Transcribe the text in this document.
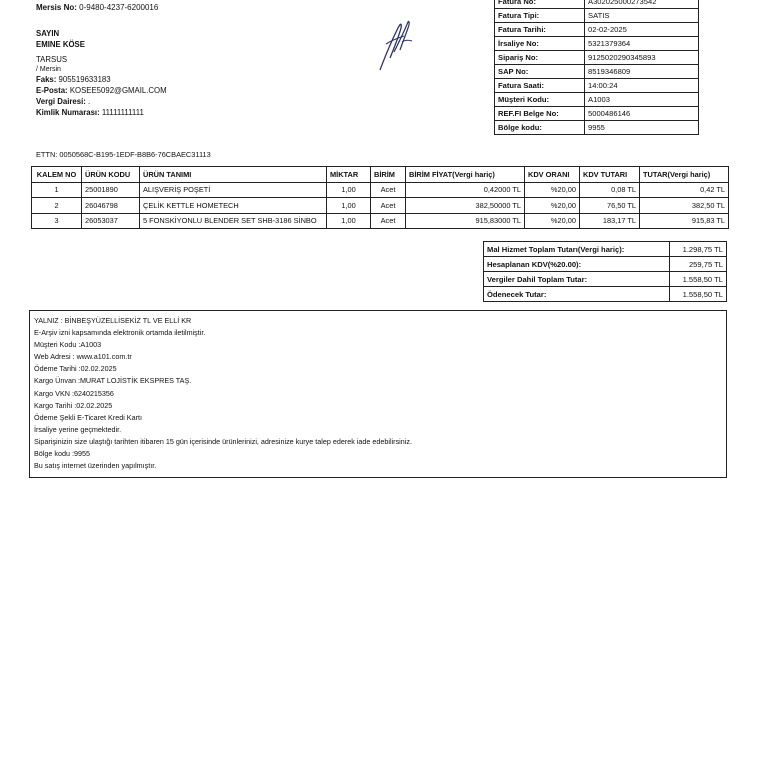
Mersis No: 0-9480-4237-6200016
SAYIN
EMINE KÖSE
TARSUS
/ Mersin
Faks: 905519633183
E-Posta: KOSEE5092@GMAIL.COM
Vergi Dairesi: .
Kimlik Numarası: 11111111111
Fatura No:	A302025000273542
Fatura Tipi:	SATIS
Fatura Tarihi:	02-02-2025
İrsaliye No:	5321379364
Sipariş No:	9125020290345893
SAP No:	8519346809
Fatura Saati:	14:00:24
Müşteri Kodu:	A1003
REF.FI Belge No:	5000486146
Bölge kodu:	9955
ETTN: 0050568C-B195-1EDF-B8B6-76CBAEC31113
KALEM NO	ÜRÜN KODU	ÜRÜN TANIMI	MİKTAR	BİRİM	BİRİM FİYAT(Vergi hariç)	KDV ORANI	KDV TUTARI	TUTAR(Vergi hariç)
1	25001890	ALIŞVERİŞ POŞETİ	1,00	Acet	0,42000 TL	%20,00	0,08 TL	0,42 TL
2	26046798	ÇELİK KETTLE HOMETECH	1,00	Acet	382,50000 TL	%20,00	76,50 TL	382,50 TL
3	26053037	5 FONSKİYONLU BLENDER SET SHB-3186 SİNBO	1,00	Acet	915,83000 TL	%20,00	183,17 TL	915,83 TL
Mal Hizmet Toplam Tutarı(Vergi hariç):	1.298,75 TL
Hesaplanan KDV(%20.00):	259,75 TL
Vergiler Dahil Toplam Tutar:	1.558,50 TL
Ödenecek Tutar:	1.558,50 TL
YALNIZ : BİNBEŞYÜZELLİSEKİZ TL VE ELLİ KR
E-Arşiv izni kapsamında elektronik ortamda iletilmiştir.
Müşteri Kodu :A1003
Web Adresi : www.a101.com.tr
Ödeme Tarihi :02.02.2025
Kargo Ünvan :MURAT LOJİSTİK EKSPRES TAŞ.
Kargo VKN :6240215356
Kargo Tarihi :02.02.2025
Ödeme Şekli E-Ticaret Kredi Kartı
İrsaliye yerine geçmektedir.
Siparişinizin size ulaştığı tarihten itibaren 15 gün içerisinde ürünlerinizi, adresinize kurye talep ederek iade edebilirsiniz.
Bölge kodu :9955
Bu satış internet üzerinden yapılmıştır.
